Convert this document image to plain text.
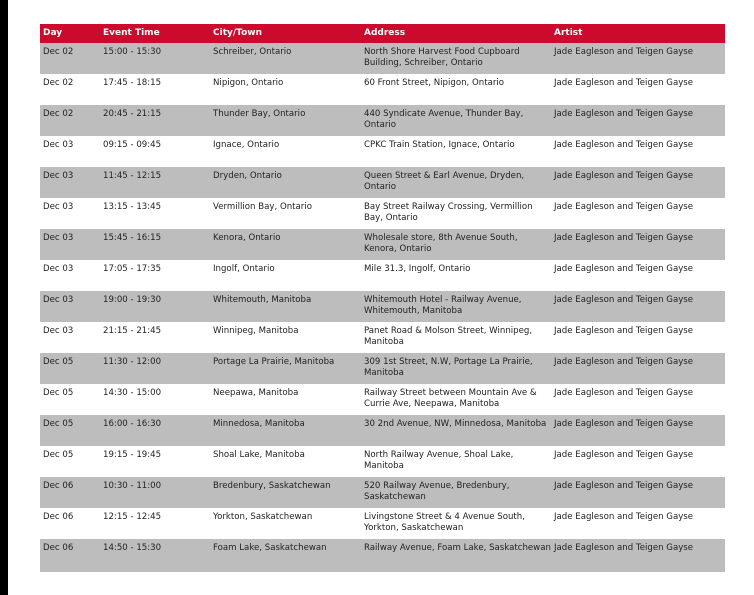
Day	Event Time	City/Town	Address	Artist
Dec 02	15:00 - 15:30	Schreiber, Ontario	North Shore Harvest Food Cupboard Building, Schreiber, Ontario	Jade Eagleson and Teigen Gayse
Dec 02	17:45 - 18:15	Nipigon, Ontario	60 Front Street, Nipigon, Ontario	Jade Eagleson and Teigen Gayse
Dec 02	20:45 - 21:15	Thunder Bay, Ontario	440 Syndicate Avenue, Thunder Bay, Ontario	Jade Eagleson and Teigen Gayse
Dec 03	09:15 - 09:45	Ignace, Ontario	CPKC Train Station, Ignace, Ontario	Jade Eagleson and Teigen Gayse
Dec 03	11:45 - 12:15	Dryden, Ontario	Queen Street & Earl Avenue, Dryden, Ontario	Jade Eagleson and Teigen Gayse
Dec 03	13:15 - 13:45	Vermillion Bay, Ontario	Bay Street Railway Crossing, Vermillion Bay, Ontario	Jade Eagleson and Teigen Gayse
Dec 03	15:45 - 16:15	Kenora, Ontario	Wholesale store, 8th Avenue South, Kenora, Ontario	Jade Eagleson and Teigen Gayse
Dec 03	17:05 - 17:35	Ingolf, Ontario	Mile 31.3, Ingolf, Ontario	Jade Eagleson and Teigen Gayse
Dec 03	19:00 - 19:30	Whitemouth, Manitoba	Whitemouth Hotel - Railway Avenue, Whitemouth, Manitoba	Jade Eagleson and Teigen Gayse
Dec 03	21:15 - 21:45	Winnipeg, Manitoba	Panet Road & Molson Street, Winnipeg, Manitoba	Jade Eagleson and Teigen Gayse
Dec 05	11:30 - 12:00	Portage La Prairie, Manitoba	309 1st Street, N.W, Portage La Prairie, Manitoba	Jade Eagleson and Teigen Gayse
Dec 05	14:30 - 15:00	Neepawa, Manitoba	Railway Street between Mountain Ave & Currie Ave, Neepawa, Manitoba	Jade Eagleson and Teigen Gayse
Dec 05	16:00 - 16:30	Minnedosa, Manitoba	30 2nd Avenue, NW, Minnedosa, Manitoba	Jade Eagleson and Teigen Gayse
Dec 05	19:15 - 19:45	Shoal Lake, Manitoba	North Railway Avenue, Shoal Lake, Manitoba	Jade Eagleson and Teigen Gayse
Dec 06	10:30 - 11:00	Bredenbury, Saskatchewan	520 Railway Avenue, Bredenbury, Saskatchewan	Jade Eagleson and Teigen Gayse
Dec 06	12:15 - 12:45	Yorkton, Saskatchewan	Livingstone Street & 4 Avenue South, Yorkton, Saskatchewan	Jade Eagleson and Teigen Gayse
Dec 06	14:50 - 15:30	Foam Lake, Saskatchewan	Railway Avenue, Foam Lake, Saskatchewan	Jade Eagleson and Teigen Gayse
